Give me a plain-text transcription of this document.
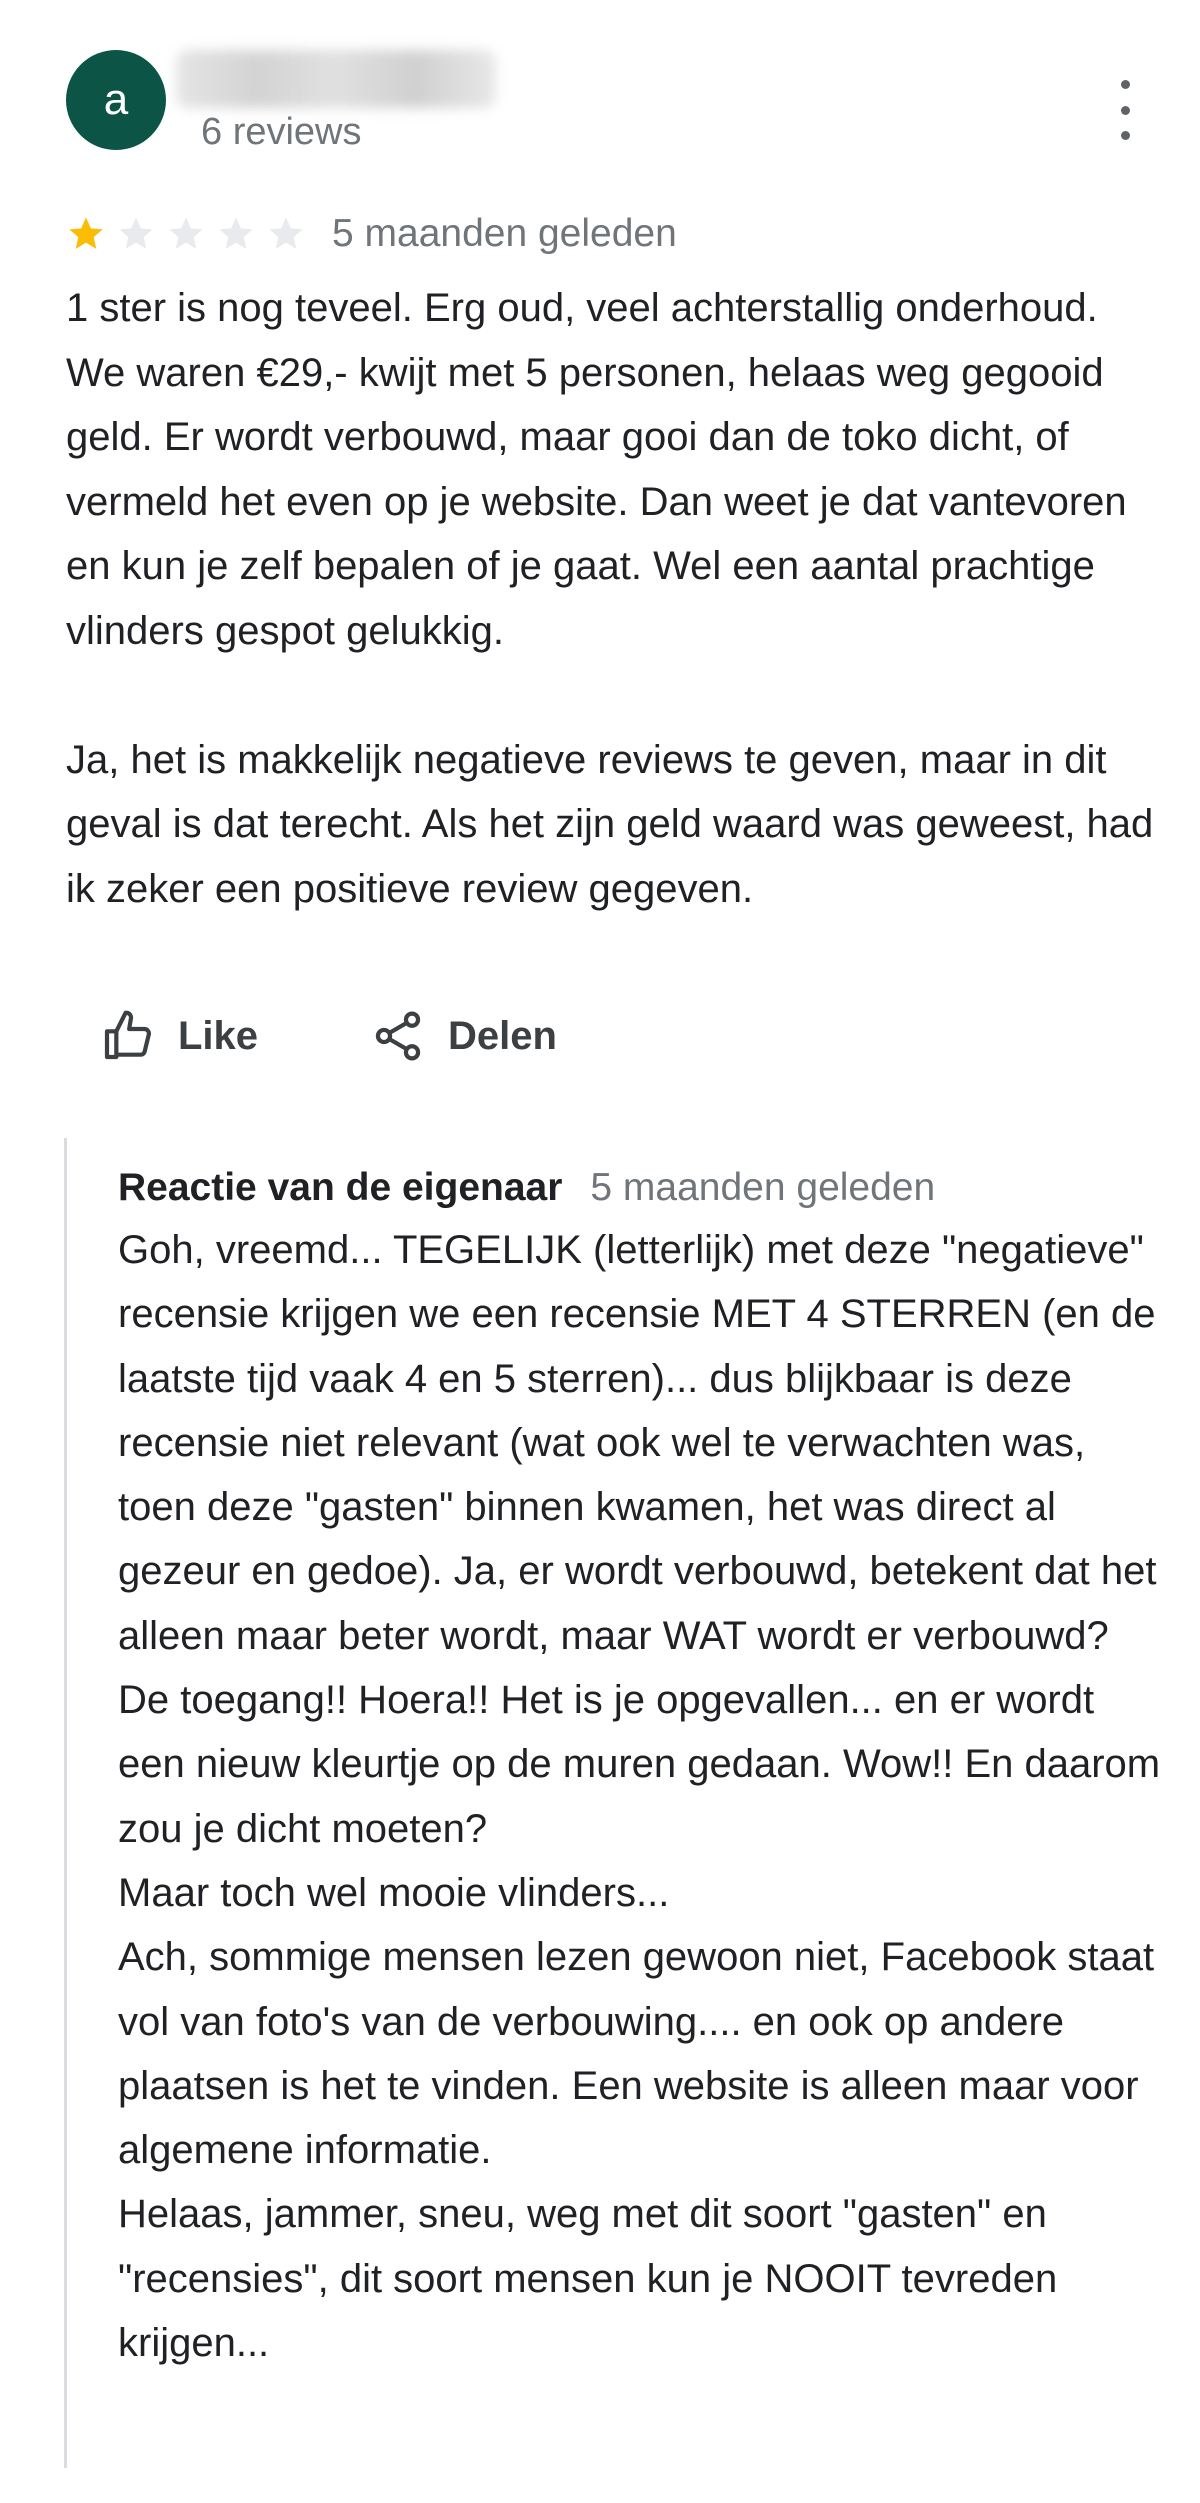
a
6 reviews
5 maanden geleden
1 ster is nog teveel. Erg oud, veel achterstallig onderhoud. We waren €29,- kwijt met 5 personen, helaas weg gegooid geld. Er wordt verbouwd, maar gooi dan de toko dicht, of vermeld het even op je website. Dan weet je dat vantevoren en kun je zelf bepalen of je gaat. Wel een aantal prachtige vlinders gespot gelukkig.

Ja, het is makkelijk negatieve reviews te geven, maar in dit geval is dat terecht. Als het zijn geld waard was geweest, had ik zeker een positieve review gegeven.
Like	Delen
Reactie van de eigenaar 5 maanden geleden
Goh, vreemd... TEGELIJK (letterlijk) met deze "negatieve" recensie krijgen we een recensie MET 4 STERREN (en de laatste tijd vaak 4 en 5 sterren)... dus blijkbaar is deze recensie niet relevant (wat ook wel te verwachten was, toen deze "gasten" binnen kwamen, het was direct al gezeur en gedoe). Ja, er wordt verbouwd, betekent dat het alleen maar beter wordt, maar WAT wordt er verbouwd? De toegang!! Hoera!! Het is je opgevallen... en er wordt een nieuw kleurtje op de muren gedaan. Wow!! En daarom zou je dicht moeten?
Maar toch wel mooie vlinders...
Ach, sommige mensen lezen gewoon niet, Facebook staat vol van foto's van de verbouwing.... en ook op andere plaatsen is het te vinden. Een website is alleen maar voor algemene informatie.
Helaas, jammer, sneu, weg met dit soort "gasten" en "recensies", dit soort mensen kun je NOOIT tevreden krijgen...
